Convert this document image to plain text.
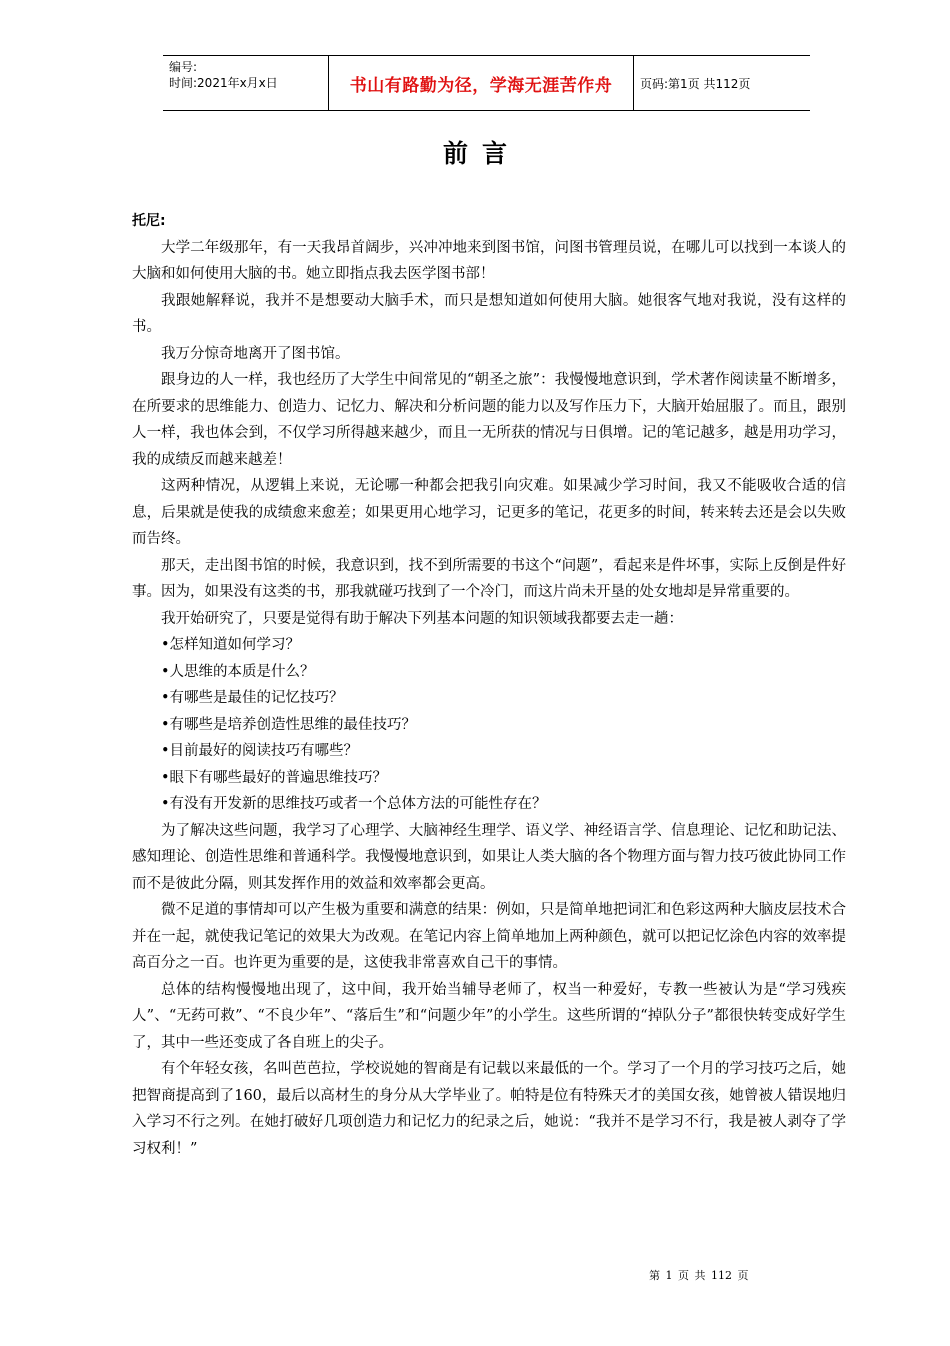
编号:
时间:2021年x月x日	书山有路勤为径，学海无涯苦作舟	页码:第1页 共112页
前言

托尼:

大学二年级那年，有一天我昂首阔步，兴冲冲地来到图书馆，问图书管理员说，在哪儿可以找到一本谈人的大脑和如何使用大脑的书。她立即指点我去医学图书部！

我跟她解释说，我并不是想要动大脑手术，而只是想知道如何使用大脑。她很客气地对我说，没有这样的书。

我万分惊奇地离开了图书馆。

跟身边的人一样，我也经历了大学生中间常见的“朝圣之旅”：我慢慢地意识到，学术著作阅读量不断增多，在所要求的思维能力、创造力、记忆力、解决和分析问题的能力以及写作压力下，大脑开始屈服了。而且，跟别人一样，我也体会到，不仅学习所得越来越少，而且一无所获的情况与日俱增。记的笔记越多，越是用功学习，我的成绩反而越来越差！

这两种情况，从逻辑上来说，无论哪一种都会把我引向灾难。如果减少学习时间，我又不能吸收合适的信息，后果就是使我的成绩愈来愈差；如果更用心地学习，记更多的笔记，花更多的时间，转来转去还是会以失败而告终。

那天，走出图书馆的时候，我意识到，找不到所需要的书这个“问题”，看起来是件坏事，实际上反倒是件好事。因为，如果没有这类的书，那我就碰巧找到了一个冷门，而这片尚未开垦的处女地却是异常重要的。

我开始研究了，只要是觉得有助于解决下列基本问题的知识领域我都要去走一趟：

•怎样知道如何学习？

•人思维的本质是什么？

•有哪些是最佳的记忆技巧？

•有哪些是培养创造性思维的最佳技巧？

•目前最好的阅读技巧有哪些？

•眼下有哪些最好的普遍思维技巧？

•有没有开发新的思维技巧或者一个总体方法的可能性存在？

为了解决这些问题，我学习了心理学、大脑神经生理学、语义学、神经语言学、信息理论、记忆和助记法、感知理论、创造性思维和普通科学。我慢慢地意识到，如果让人类大脑的各个物理方面与智力技巧彼此协同工作而不是彼此分隔，则其发挥作用的效益和效率都会更高。

微不足道的事情却可以产生极为重要和满意的结果：例如，只是简单地把词汇和色彩这两种大脑皮层技术合并在一起，就使我记笔记的效果大为改观。在笔记内容上简单地加上两种颜色，就可以把记忆涂色内容的效率提高百分之一百。也许更为重要的是，这使我非常喜欢自己干的事情。

总体的结构慢慢地出现了，这中间，我开始当辅导老师了，权当一种爱好，专教一些被认为是“学习残疾人”、“无药可救”、“不良少年”、“落后生”和“问题少年”的小学生。这些所谓的“掉队分子”都很快转变成好学生了，其中一些还变成了各自班上的尖子。

有个年轻女孩，名叫芭芭拉，学校说她的智商是有记载以来最低的一个。学习了一个月的学习技巧之后，她把智商提高到了160，最后以高材生的身分从大学毕业了。帕特是位有特殊天才的美国女孩，她曾被人错误地归入学习不行之列。在她打破好几项创造力和记忆力的纪录之后，她说：“我并不是学习不行，我是被人剥夺了学习权利！”

第 1 页 共 112 页
